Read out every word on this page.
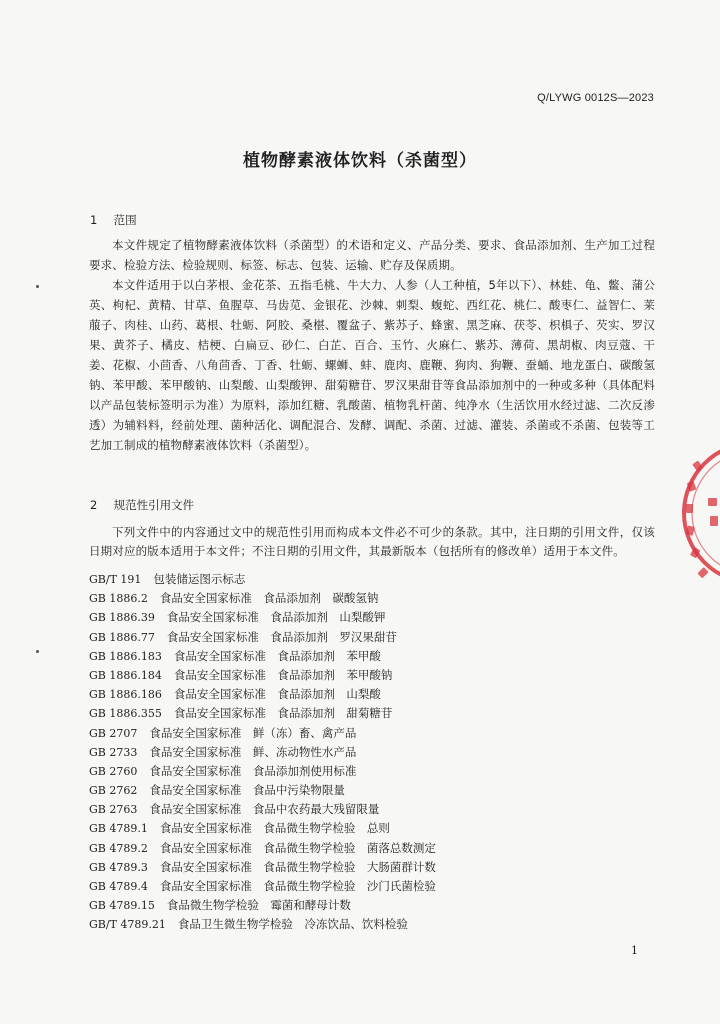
Q/LYWG 0012S—2023
植物酵素液体饮料（杀菌型）
1 范围

本文件规定了植物酵素液体饮料（杀菌型）的术语和定义、产品分类、要求、食品添加剂、生产加工过程要求、检验方法、检验规则、标签、标志、包装、运输、贮存及保质期。

本文件适用于以白茅根、金花茶、五指毛桃、牛大力、人参（人工种植，5年以下）、林蛙、龟、鳖、蒲公英、枸杞、黄精、甘草、鱼腥草、马齿苋、金银花、沙棘、刺梨、蝮蛇、西红花、桃仁、酸枣仁、益智仁、莱菔子、肉桂、山药、葛根、牡蛎、阿胶、桑椹、覆盆子、紫苏子、蜂蜜、黑芝麻、茯苓、枳椇子、芡实、罗汉果、黄芥子、橘皮、桔梗、白扁豆、砂仁、白芷、百合、玉竹、火麻仁、紫苏、薄荷、黑胡椒、肉豆蔻、干姜、花椒、小茴香、八角茴香、丁香、牡蛎、螺蛳、蚌、鹿肉、鹿鞭、狗肉、狗鞭、蚕蛹、地龙蛋白、碳酸氢钠、苯甲酸、苯甲酸钠、山梨酸、山梨酸钾、甜菊糖苷、罗汉果甜苷等食品添加剂中的一种或多种（具体配料以产品包装标签明示为准）为原料，添加红糖、乳酸菌、植物乳杆菌、纯净水（生活饮用水经过滤、二次反渗透）为辅料料，经前处理、菌种活化、调配混合、发酵、调配、杀菌、过滤、灌装、杀菌或不杀菌、包装等工艺加工制成的植物酵素液体饮料（杀菌型）。

2 规范性引用文件

下列文件中的内容通过文中的规范性引用而构成本文件必不可少的条款。其中，注日期的引用文件，仅该日期对应的版本适用于本文件；不注日期的引用文件，其最新版本（包括所有的修改单）适用于本文件。

GB/T 191 包装储运图示标志
GB 1886.2 食品安全国家标准　食品添加剂　碳酸氢钠
GB 1886.39 食品安全国家标准　食品添加剂　山梨酸钾
GB 1886.77 食品安全国家标准　食品添加剂　罗汉果甜苷
GB 1886.183 食品安全国家标准　食品添加剂　苯甲酸
GB 1886.184 食品安全国家标准　食品添加剂　苯甲酸钠
GB 1886.186 食品安全国家标准　食品添加剂　山梨酸
GB 1886.355 食品安全国家标准　食品添加剂　甜菊糖苷
GB 2707 食品安全国家标准　鲜（冻）畜、禽产品
GB 2733 食品安全国家标准　鲜、冻动物性水产品
GB 2760 食品安全国家标准　食品添加剂使用标准
GB 2762 食品安全国家标准　食品中污染物限量
GB 2763 食品安全国家标准　食品中农药最大残留限量
GB 4789.1 食品安全国家标准　食品微生物学检验　总则
GB 4789.2 食品安全国家标准　食品微生物学检验　菌落总数测定
GB 4789.3 食品安全国家标准　食品微生物学检验　大肠菌群计数
GB 4789.4 食品安全国家标准　食品微生物学检验　沙门氏菌检验
GB 4789.15 食品微生物学检验　霉菌和酵母计数
GB/T 4789.21 食品卫生微生物学检验　冷冻饮品、饮料检验
1
